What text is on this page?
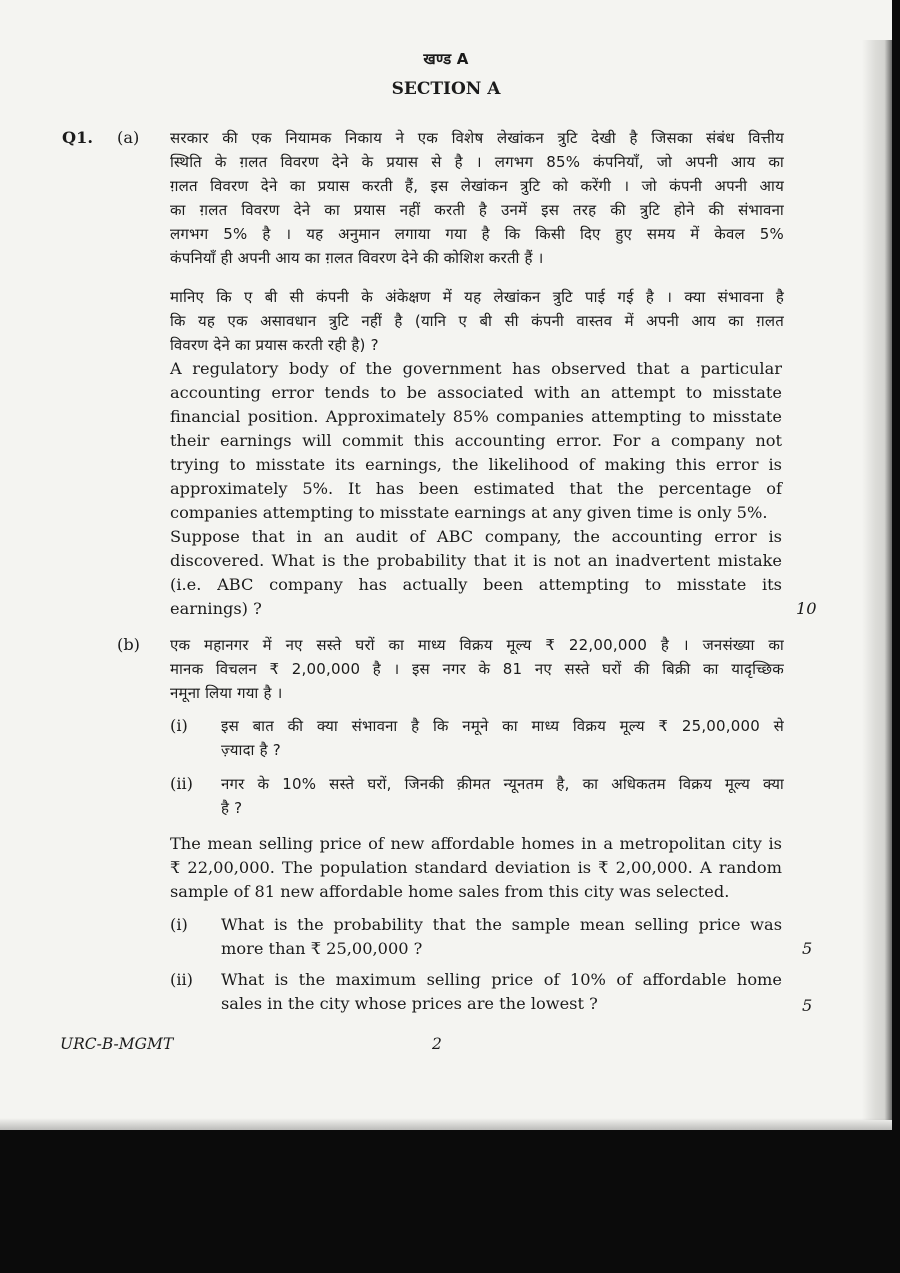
खण्ड A
SECTION A
Q1. (a) सरकार की एक नियामक निकाय ने एक विशेष लेखांकन त्रुटि देखी है जिसका संबंध वित्तीय
स्थिति के ग़लत विवरण देने के प्रयास से है । लगभग 85% कंपनियाँ, जो अपनी आय का
ग़लत विवरण देने का प्रयास करती हैं, इस लेखांकन त्रुटि को करेंगी । जो कंपनी अपनी आय
का ग़लत विवरण देने का प्रयास नहीं करती है उनमें इस तरह की त्रुटि होने की संभावना
लगभग 5% है । यह अनुमान लगाया गया है कि किसी दिए हुए समय में केवल 5%
कंपनियाँ ही अपनी आय का ग़लत विवरण देने की कोशिश करती हैं ।
मानिए कि ए बी सी कंपनी के अंकेक्षण में यह लेखांकन त्रुटि पाई गई है । क्या संभावना है
कि यह एक असावधान त्रुटि नहीं है (यानि ए बी सी कंपनी वास्तव में अपनी आय का ग़लत
विवरण देने का प्रयास करती रही है) ?
A regulatory body of the government has observed that a particular
accounting error tends to be associated with an attempt to misstate
financial position. Approximately 85% companies attempting to misstate
their earnings will commit this accounting error. For a company not
trying to misstate its earnings, the likelihood of making this error is
approximately 5%. It has been estimated that the percentage of
companies attempting to misstate earnings at any given time is only 5%.
Suppose that in an audit of ABC company, the accounting error is
discovered. What is the probability that it is not an inadvertent mistake
(i.e. ABC company has actually been attempting to misstate its
earnings) ?	10
(b) एक महानगर में नए सस्ते घरों का माध्य विक्रय मूल्य ₹ 22,00,000 है । जनसंख्या का
मानक विचलन ₹ 2,00,000 है । इस नगर के 81 नए सस्ते घरों की बिक्री का यादृच्छिक
नमूना लिया गया है ।
(i) इस बात की क्या संभावना है कि नमूने का माध्य विक्रय मूल्य ₹ 25,00,000 से
ज़्यादा है ?
(ii) नगर के 10% सस्ते घरों, जिनकी क़ीमत न्यूनतम है, का अधिकतम विक्रय मूल्य क्या
है ?
The mean selling price of new affordable homes in a metropolitan city is
₹ 22,00,000. The population standard deviation is ₹ 2,00,000. A random
sample of 81 new affordable home sales from this city was selected.
(i) What is the probability that the sample mean selling price was
more than ₹ 25,00,000 ?	5
(ii) What is the maximum selling price of 10% of affordable home
sales in the city whose prices are the lowest ?	5
URC-B-MGMT	2
